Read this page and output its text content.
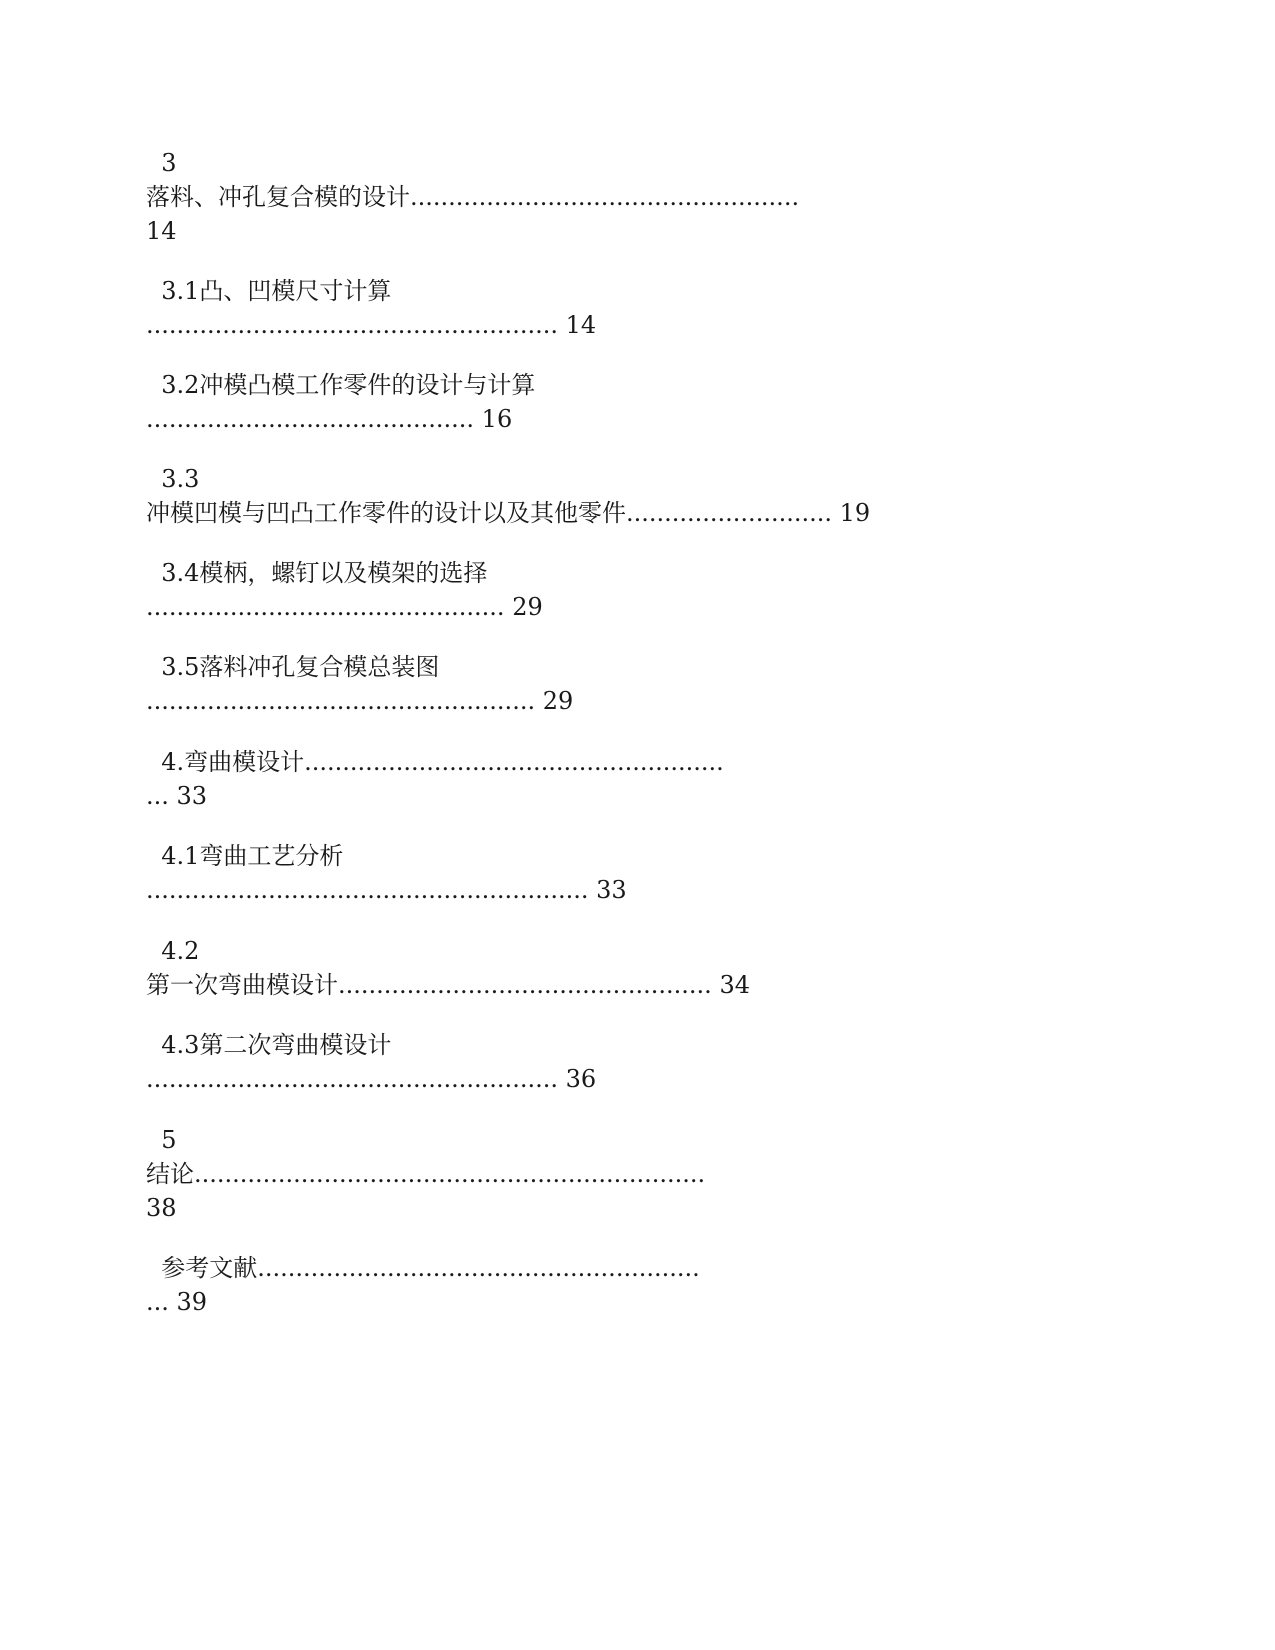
3
落料、冲孔复合模的设计...................................................
14
3.1凸、凹模尺寸计算
...................................................... 14
3.2冲模凸模工作零件的设计与计算
........................................... 16
3.3
冲模凹模与凹凸工作零件的设计以及其他零件........................... 19
3.4模柄，螺钉以及模架的选择
............................................... 29
3.5落料冲孔复合模总装图
................................................... 29
4.弯曲模设计.......................................................
... 33
4.1弯曲工艺分析
.......................................................... 33
4.2
第一次弯曲模设计................................................. 34
4.3第二次弯曲模设计
...................................................... 36
5
结论...................................................................
38
参考文献..........................................................
... 39
